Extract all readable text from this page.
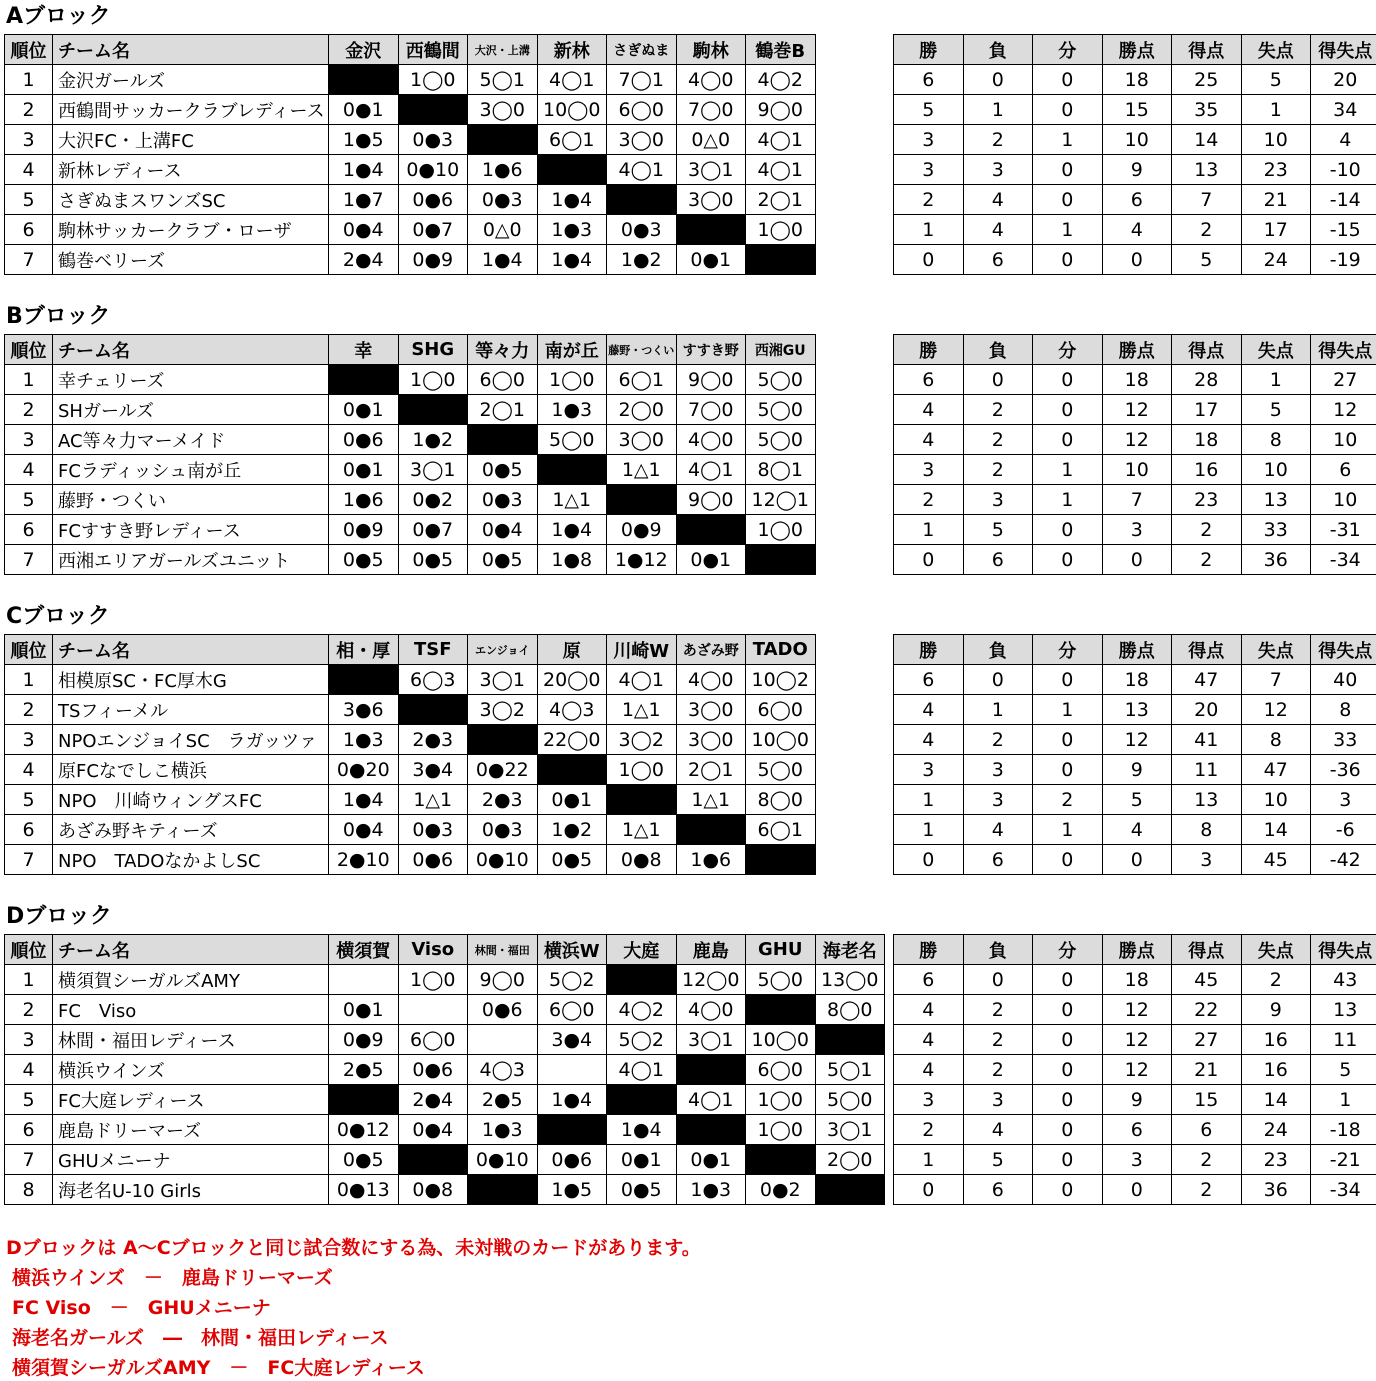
Aブロック
順位	チーム名	金沢	西鶴間	大沢・上溝	新林	さぎぬま	駒林	鶴巻B
1	金沢ガールズ		1◯0	5◯1	4◯1	7◯1	4◯0	4◯2
2	西鶴間サッカークラブレディース	0●1		3◯0	10◯0	6◯0	7◯0	9◯0
3	大沢FC・上溝FC	1●5	0●3		6◯1	3◯0	0△0	4◯1
4	新林レディース	1●4	0●10	1●6		4◯1	3◯1	4◯1
5	さぎぬまスワンズSC	1●7	0●6	0●3	1●4		3◯0	2◯1
6	駒林サッカークラブ・ローザ	0●4	0●7	0△0	1●3	0●3		1◯0
7	鶴巻ベリーズ	2●4	0●9	1●4	1●4	1●2	0●1	
勝	負	分	勝点	得点	失点	得失点
6	0	0	18	25	5	20
5	1	0	15	35	1	34
3	2	1	10	14	10	4
3	3	0	9	13	23	-10
2	4	0	6	7	21	-14
1	4	1	4	2	17	-15
0	6	0	0	5	24	-19
Bブロック
順位	チーム名	幸	SHG	等々力	南が丘	藤野・つくい	すすき野	西湘GU
1	幸チェリーズ		1◯0	6◯0	1◯0	6◯1	9◯0	5◯0
2	SHガールズ	0●1		2◯1	1●3	2◯0	7◯0	5◯0
3	AC等々力マーメイド	0●6	1●2		5◯0	3◯0	4◯0	5◯0
4	FCラディッシュ南が丘	0●1	3◯1	0●5		1△1	4◯1	8◯1
5	藤野・つくい	1●6	0●2	0●3	1△1		9◯0	12◯1
6	FCすすき野レディース	0●9	0●7	0●4	1●4	0●9		1◯0
7	西湘エリアガールズユニット	0●5	0●5	0●5	1●8	1●12	0●1	
勝	負	分	勝点	得点	失点	得失点
6	0	0	18	28	1	27
4	2	0	12	17	5	12
4	2	0	12	18	8	10
3	2	1	10	16	10	6
2	3	1	7	23	13	10
1	5	0	3	2	33	-31
0	6	0	0	2	36	-34
Cブロック
順位	チーム名	相・厚	TSF	エンジョイ	原	川崎W	あざみ野	TADO
1	相模原SC・FC厚木G		6◯3	3◯1	20◯0	4◯1	4◯0	10◯2
2	TSフィーメル	3●6		3◯2	4◯3	1△1	3◯0	6◯0
3	NPOエンジョイSC　ラガッツァ	1●3	2●3		22◯0	3◯2	3◯0	10◯0
4	原FCなでしこ横浜	0●20	3●4	0●22		1◯0	2◯1	5◯0
5	NPO　川崎ウィングスFC	1●4	1△1	2●3	0●1		1△1	8◯0
6	あざみ野キティーズ	0●4	0●3	0●3	1●2	1△1		6◯1
7	NPO　TADOなかよしSC	2●10	0●6	0●10	0●5	0●8	1●6	
勝	負	分	勝点	得点	失点	得失点
6	0	0	18	47	7	40
4	1	1	13	20	12	8
4	2	0	12	41	8	33
3	3	0	9	11	47	-36
1	3	2	5	13	10	3
1	4	1	4	8	14	-6
0	6	0	0	3	45	-42
Dブロック
順位	チーム名	横須賀	Viso	林間・福田	横浜W	大庭	鹿島	GHU	海老名
1	横須賀シーガルズAMY		1◯0	9◯0	5◯2		12◯0	5◯0	13◯0
2	FC　Viso	0●1		0●6	6◯0	4◯2	4◯0		8◯0
3	林間・福田レディース	0●9	6◯0		3●4	5◯2	3◯1	10◯0	
4	横浜ウインズ	2●5	0●6	4◯3		4◯1		6◯0	5◯1
5	FC大庭レディース		2●4	2●5	1●4		4◯1	1◯0	5◯0
6	鹿島ドリーマーズ	0●12	0●4	1●3		1●4		1◯0	3◯1
7	GHUメニーナ	0●5		0●10	0●6	0●1	0●1		2◯0
8	海老名U-10 Girls	0●13	0●8		1●5	0●5	1●3	0●2	
勝	負	分	勝点	得点	失点	得失点
6	0	0	18	45	2	43
4	2	0	12	22	9	13
4	2	0	12	27	16	11
4	2	0	12	21	16	5
3	3	0	9	15	14	1
2	4	0	6	6	24	-18
1	5	0	3	2	23	-21
0	6	0	0	2	36	-34
Dブロックは A〜Cブロックと同じ試合数にする為、未対戦のカードがあります。
横浜ウインズ　－　鹿島ドリーマーズ
FC Viso　－　GHUメニーナ
海老名ガールズ　―　林間・福田レディース
横須賀シーガルズAMY　－　FC大庭レディース
